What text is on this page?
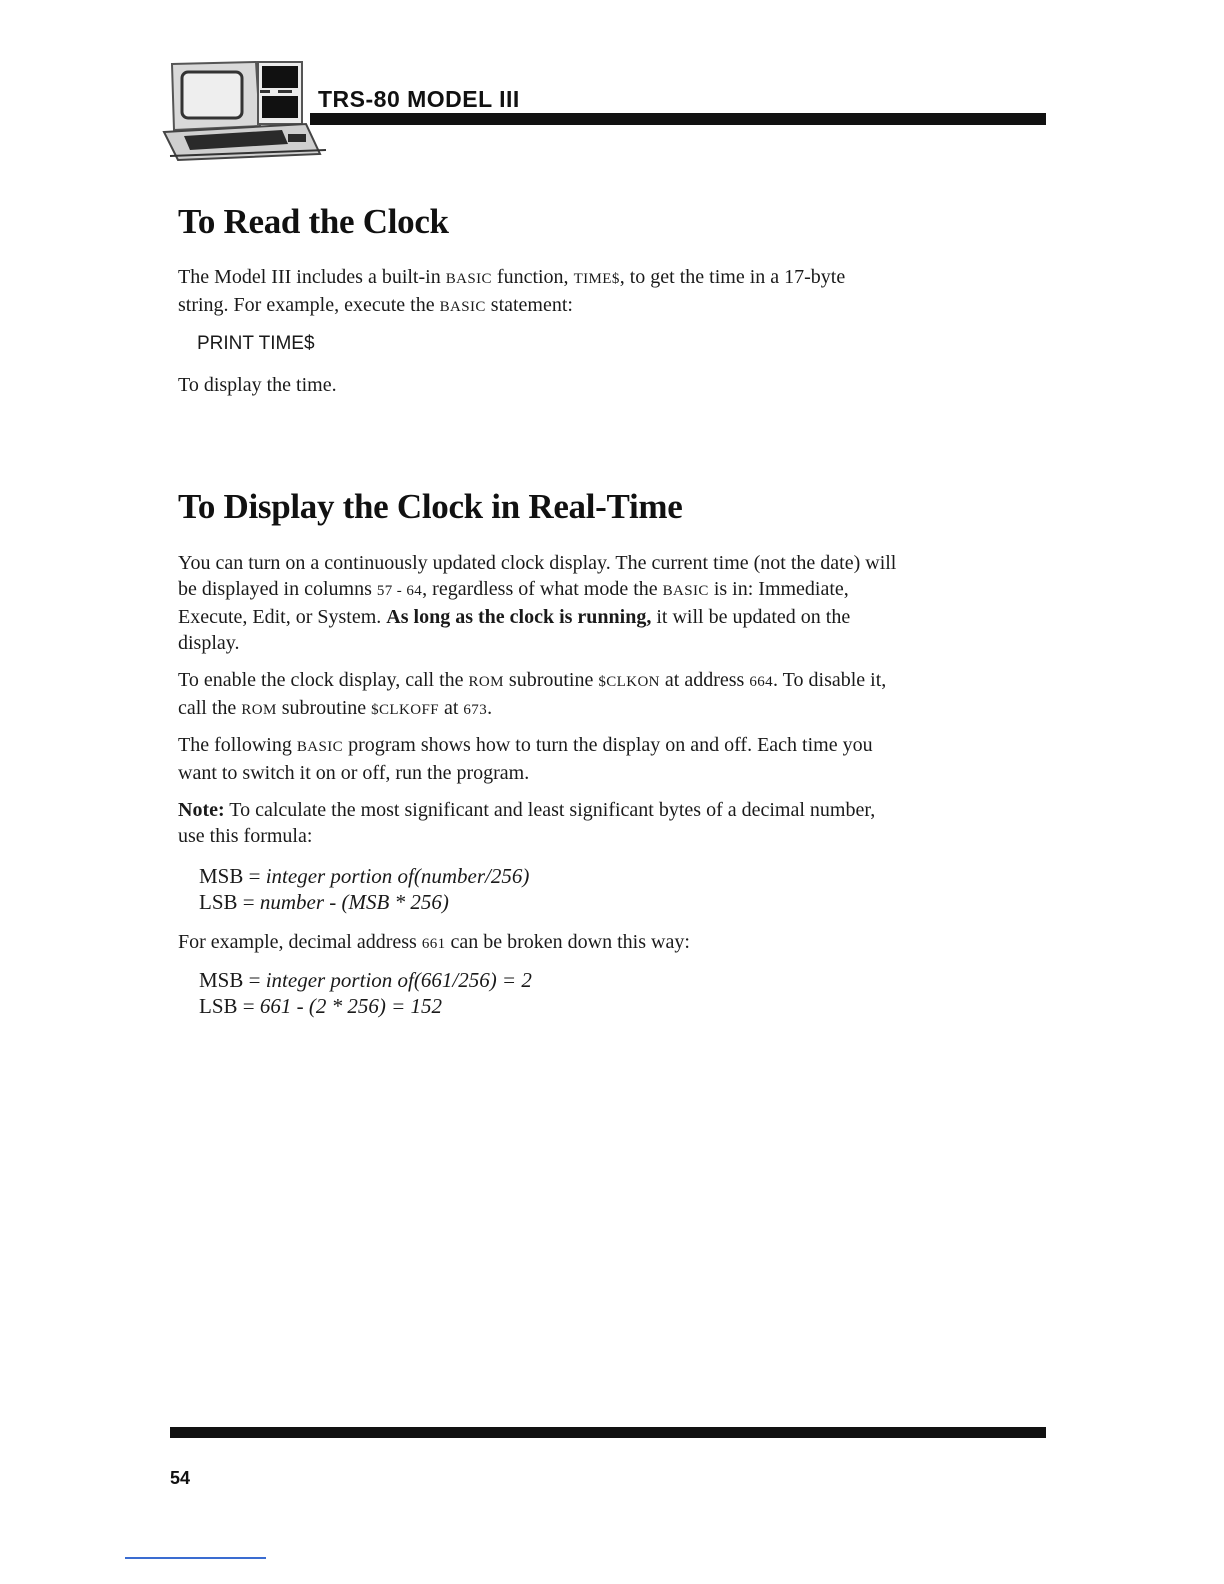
TRS-80 MODEL III
To Read the Clock

The Model III includes a built-in BASIC function, TIME$, to get the time in a 17-byte string. For example, execute the BASIC statement:

PRINT TIME$

To display the time.

To Display the Clock in Real-Time

You can turn on a continuously updated clock display. The current time (not the date) will be displayed in columns 57 - 64, regardless of what mode the BASIC is in: Immediate, Execute, Edit, or System. As long as the clock is running, it will be updated on the display.

To enable the clock display, call the ROM subroutine $CLKON at address 664. To disable it, call the ROM subroutine $CLKOFF at 673.

The following BASIC program shows how to turn the display on and off. Each time you want to switch it on or off, run the program.

Note: To calculate the most significant and least significant bytes of a decimal number, use this formula:

MSB = integer portion of(number/256)
LSB = number - (MSB * 256)

For example, decimal address 661 can be broken down this way:

MSB = integer portion of(661/256) = 2
LSB = 661 - (2 * 256) = 152
54
